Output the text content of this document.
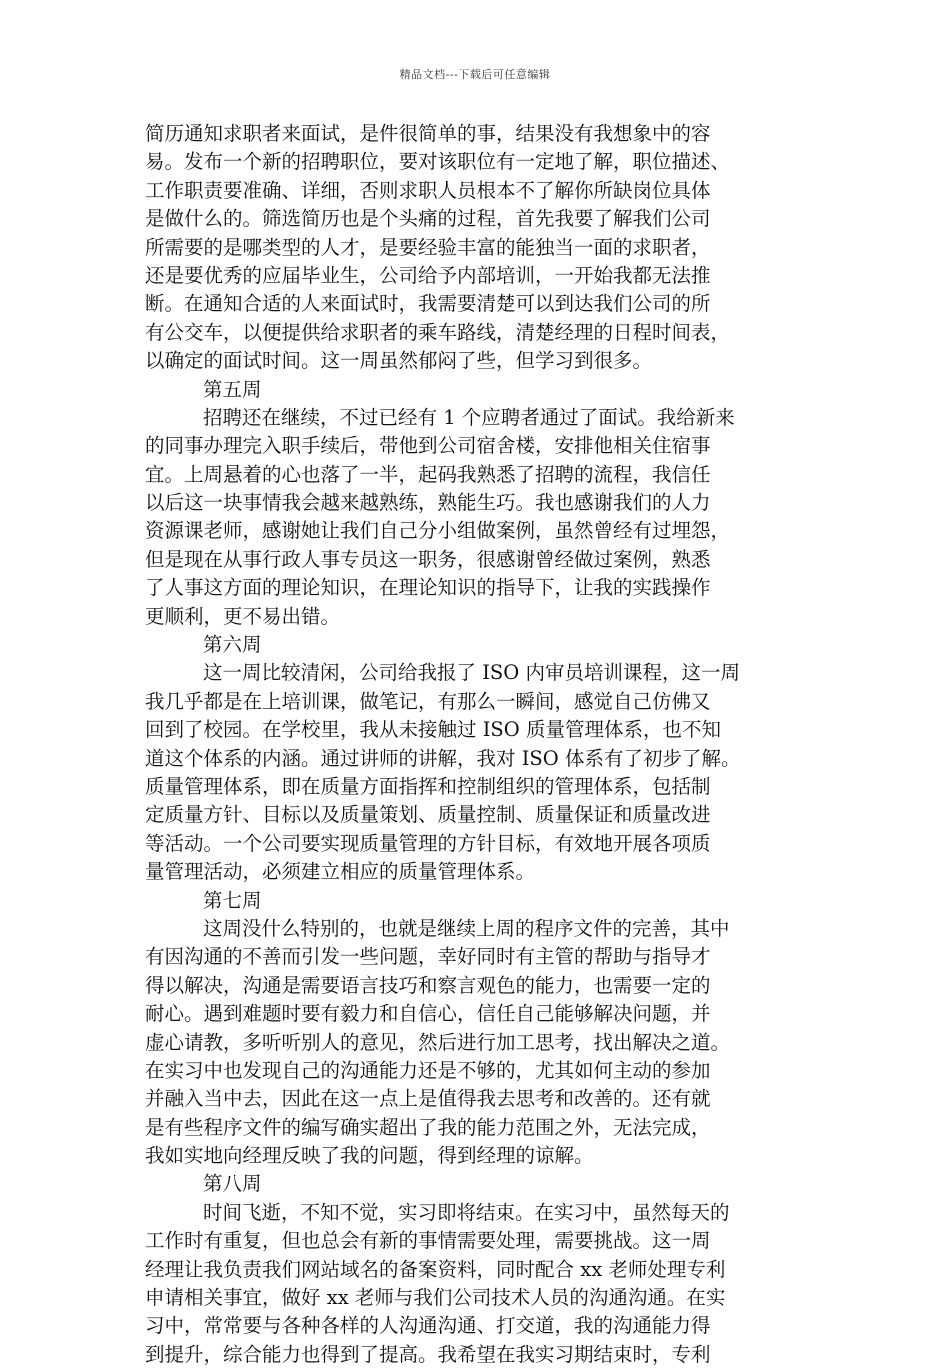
精品文档---下载后可任意编辑
简历通知求职者来面试，是件很简单的事，结果没有我想象中的容
易。发布一个新的招聘职位，要对该职位有一定地了解，职位描述、
工作职责要准确、详细，否则求职人员根本不了解你所缺岗位具体
是做什么的。筛选简历也是个头痛的过程，首先我要了解我们公司
所需要的是哪类型的人才，是要经验丰富的能独当一面的求职者，
还是要优秀的应届毕业生，公司给予内部培训，一开始我都无法推
断。在通知合适的人来面试时，我需要清楚可以到达我们公司的所
有公交车，以便提供给求职者的乘车路线，清楚经理的日程时间表，
以确定的面试时间。这一周虽然郁闷了些，但学习到很多。
第五周
招聘还在继续，不过已经有 1 个应聘者通过了面试。我给新来
的同事办理完入职手续后，带他到公司宿舍楼，安排他相关住宿事
宜。上周悬着的心也落了一半，起码我熟悉了招聘的流程，我信任
以后这一块事情我会越来越熟练，熟能生巧。我也感谢我们的人力
资源课老师，感谢她让我们自己分小组做案例，虽然曾经有过埋怨，
但是现在从事行政人事专员这一职务，很感谢曾经做过案例，熟悉
了人事这方面的理论知识，在理论知识的指导下，让我的实践操作
更顺利，更不易出错。
第六周
这一周比较清闲，公司给我报了 ISO 内审员培训课程，这一周
我几乎都是在上培训课，做笔记，有那么一瞬间，感觉自己仿佛又
回到了校园。在学校里，我从未接触过 ISO 质量管理体系，也不知
道这个体系的内涵。通过讲师的讲解，我对 ISO 体系有了初步了解。
质量管理体系，即在质量方面指挥和控制组织的管理体系，包括制
定质量方针、目标以及质量策划、质量控制、质量保证和质量改进
等活动。一个公司要实现质量管理的方针目标，有效地开展各项质
量管理活动，必须建立相应的质量管理体系。
第七周
这周没什么特别的，也就是继续上周的程序文件的完善，其中
有因沟通的不善而引发一些问题，幸好同时有主管的帮助与指导才
得以解决，沟通是需要语言技巧和察言观色的能力，也需要一定的
耐心。遇到难题时要有毅力和自信心，信任自己能够解决问题，并
虚心请教，多听听别人的意见，然后进行加工思考，找出解决之道。
在实习中也发现自己的沟通能力还是不够的，尤其如何主动的参加
并融入当中去，因此在这一点上是值得我去思考和改善的。还有就
是有些程序文件的编写确实超出了我的能力范围之外，无法完成，
我如实地向经理反映了我的问题，得到经理的谅解。
第八周
时间飞逝，不知不觉，实习即将结束。在实习中，虽然每天的
工作时有重复，但也总会有新的事情需要处理，需要挑战。这一周
经理让我负责我们网站域名的备案资料，同时配合 xx 老师处理专利
申请相关事宜，做好 xx 老师与我们公司技术人员的沟通沟通。在实
习中，常常要与各种各样的人沟通沟通、打交道，我的沟通能力得
到提升，综合能力也得到了提高。我希望在我实习期结束时，专利
